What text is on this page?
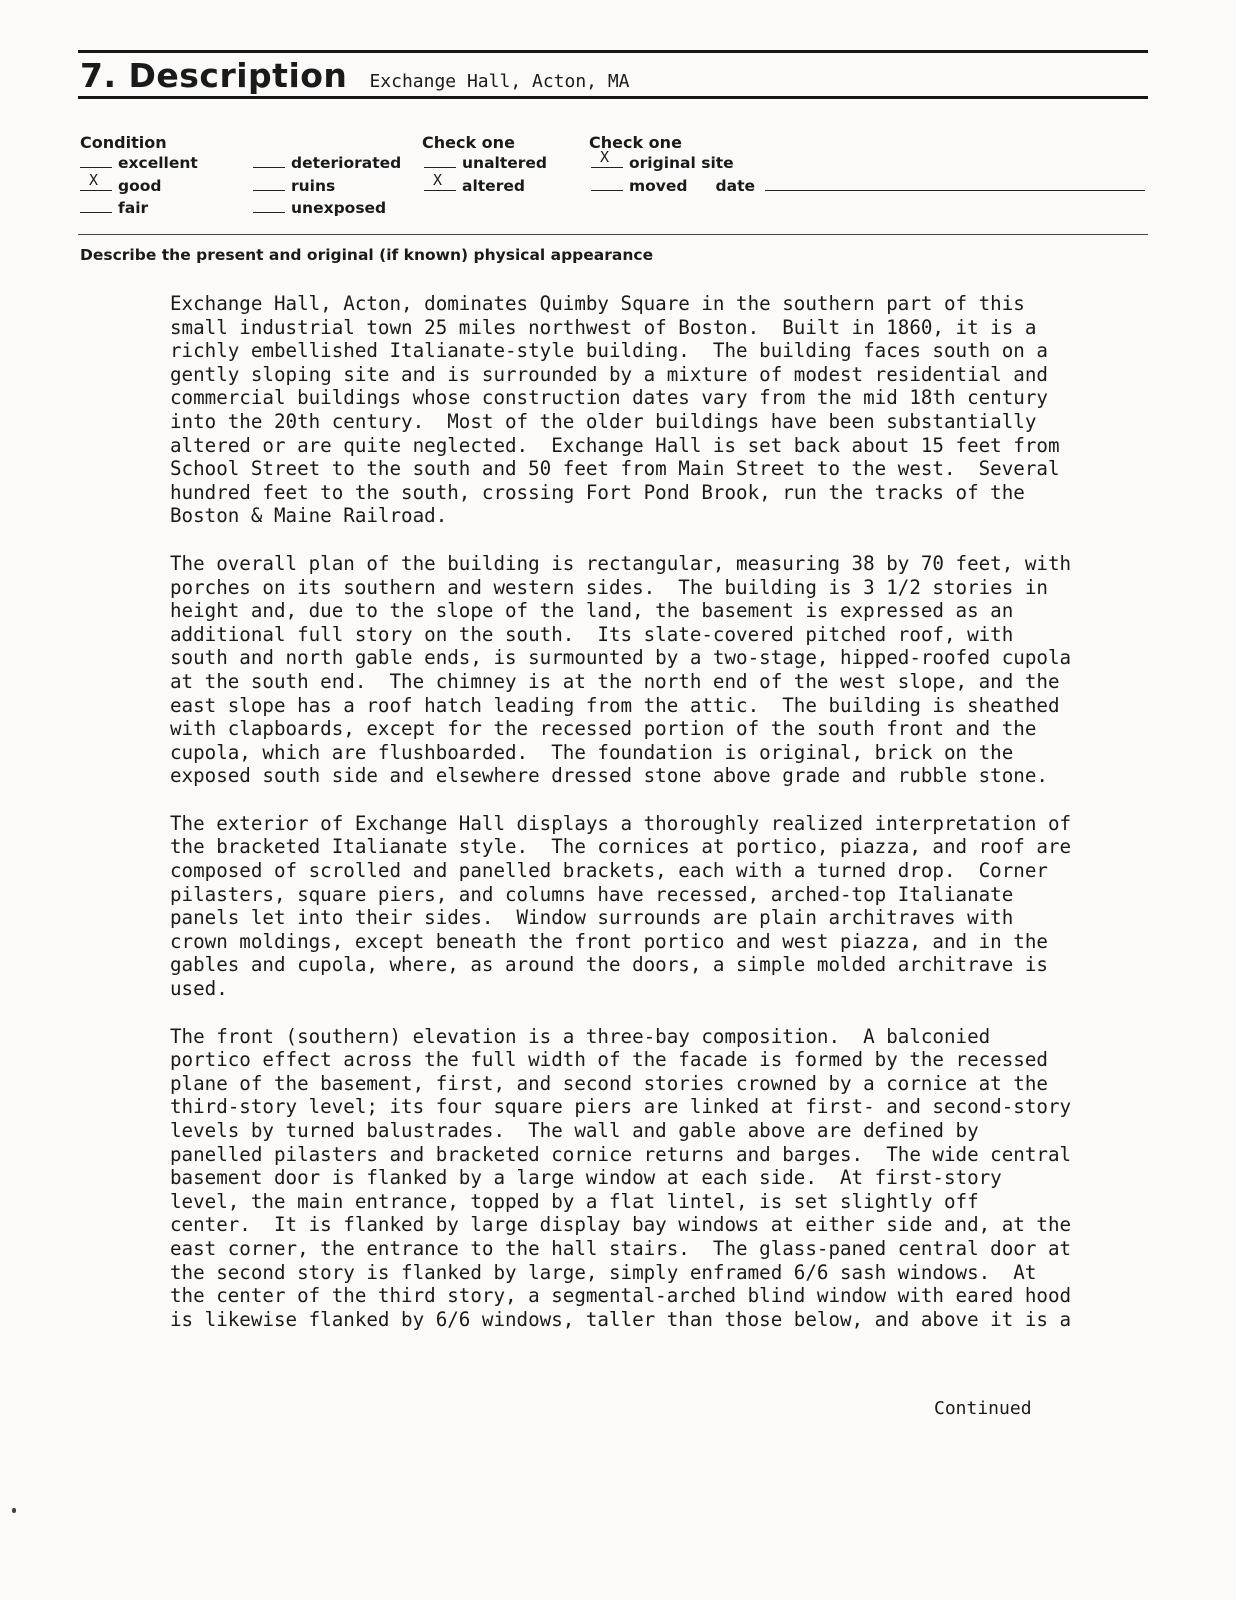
7. Description Exchange Hall, Acton, MA
Condition
excellent
X good
fair
deteriorated
ruins
unexposed
Check one
unaltered
X altered
Check one
X original site
moved date
Describe the present and original (if known) physical appearance

Exchange Hall, Acton, dominates Quimby Square in the southern part of this
small industrial town 25 miles northwest of Boston.  Built in 1860, it is a
richly embellished Italianate-style building.  The building faces south on a
gently sloping site and is surrounded by a mixture of modest residential and
commercial buildings whose construction dates vary from the mid 18th century
into the 20th century.  Most of the older buildings have been substantially
altered or are quite neglected.  Exchange Hall is set back about 15 feet from
School Street to the south and 50 feet from Main Street to the west.  Several
hundred feet to the south, crossing Fort Pond Brook, run the tracks of the
Boston & Maine Railroad.

The overall plan of the building is rectangular, measuring 38 by 70 feet, with
porches on its southern and western sides.  The building is 3 1/2 stories in
height and, due to the slope of the land, the basement is expressed as an
additional full story on the south.  Its slate-covered pitched roof, with
south and north gable ends, is surmounted by a two-stage, hipped-roofed cupola
at the south end.  The chimney is at the north end of the west slope, and the
east slope has a roof hatch leading from the attic.  The building is sheathed
with clapboards, except for the recessed portion of the south front and the
cupola, which are flushboarded.  The foundation is original, brick on the
exposed south side and elsewhere dressed stone above grade and rubble stone.

The exterior of Exchange Hall displays a thoroughly realized interpretation of
the bracketed Italianate style.  The cornices at portico, piazza, and roof are
composed of scrolled and panelled brackets, each with a turned drop.  Corner
pilasters, square piers, and columns have recessed, arched-top Italianate
panels let into their sides.  Window surrounds are plain architraves with
crown moldings, except beneath the front portico and west piazza, and in the
gables and cupola, where, as around the doors, a simple molded architrave is
used.

The front (southern) elevation is a three-bay composition.  A balconied
portico effect across the full width of the facade is formed by the recessed
plane of the basement, first, and second stories crowned by a cornice at the
third-story level; its four square piers are linked at first- and second-story
levels by turned balustrades.  The wall and gable above are defined by
panelled pilasters and bracketed cornice returns and barges.  The wide central
basement door is flanked by a large window at each side.  At first-story
level, the main entrance, topped by a flat lintel, is set slightly off
center.  It is flanked by large display bay windows at either side and, at the
east corner, the entrance to the hall stairs.  The glass-paned central door at
the second story is flanked by large, simply enframed 6/6 sash windows.  At
the center of the third story, a segmental-arched blind window with eared hood
is likewise flanked by 6/6 windows, taller than those below, and above it is a

Continued
